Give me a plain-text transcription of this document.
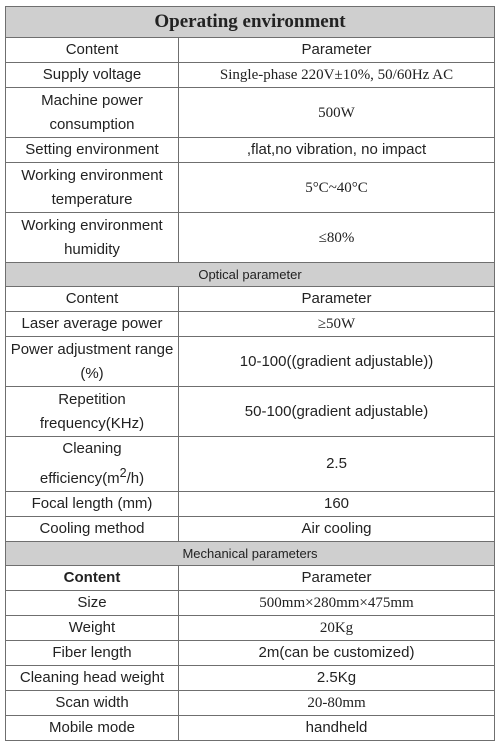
Operating environment	
Content	Parameter
Supply voltage	Single-phase 220V±10%, 50/60Hz AC
Machine power consumption	500W
Setting environment	,flat,no vibration, no impact
Working environment temperature	5°C~40°C
Working environment humidity	≤80%
Optical parameter	
Content	Parameter
Laser average power	≥50W
Power adjustment range (%)	10-100((gradient adjustable))
Repetition frequency(KHz)	50-100(gradient adjustable)
Cleaning
$efficiency(m^2/h)$	2.5
Focal length (mm)	160
Cooling method	Air cooling
Mechanical parameters	
Content	Parameter
Size	500mm×280mm×475mm
Weight	20Kg
Fiber length	2m(can be customized)
Cleaning head weight	2.5Kg
Scan width	20-80mm
Mobile mode	handheld
